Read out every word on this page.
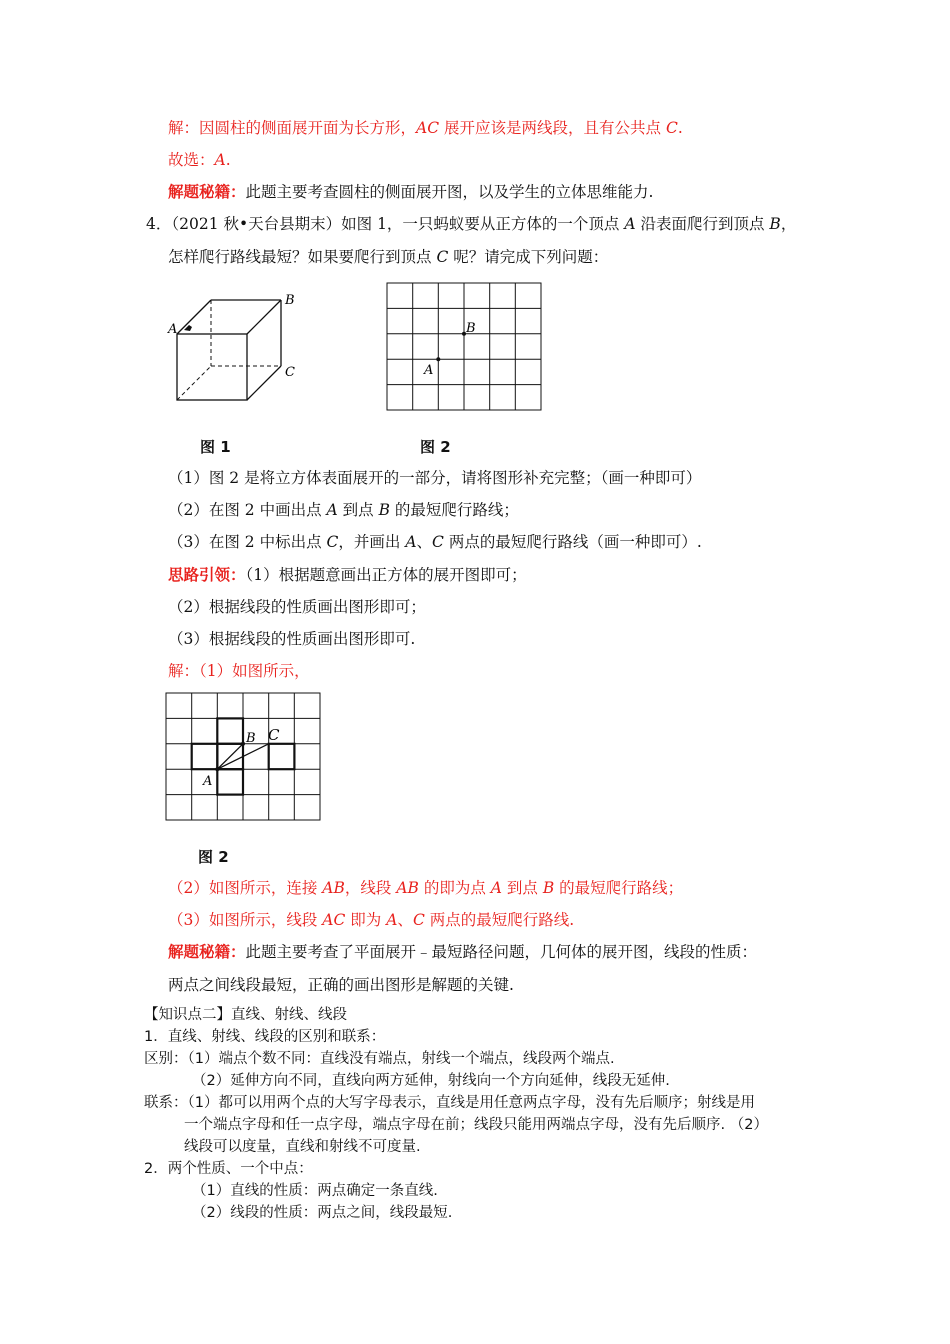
解：因圆柱的侧面展开面为长方形，AC 展开应该是两线段，且有公共点 C.
故选：A.
解题秘籍：此题主要考查圆柱的侧面展开图，以及学生的立体思维能力.
4．（2021 秋•天台县期末）如图 1，一只蚂蚁要从正方体的一个顶点 A 沿表面爬行到顶点 B，
怎样爬行路线最短？如果要爬行到顶点 C 呢？请完成下列问题：
A
B
C
图 1
B
A
图 2
（1）图 2 是将立方体表面展开的一部分，请将图形补充完整；（画一种即可）
（2）在图 2 中画出点 A 到点 B 的最短爬行路线；
（3）在图 2 中标出点 C，并画出 A、C 两点的最短爬行路线（画一种即可）.
思路引领：（1）根据题意画出正方体的展开图即可；
（2）根据线段的性质画出图形即可；
（3）根据线段的性质画出图形即可.
解：（1）如图所示，
B C
A
图 2
（2）如图所示，连接 AB，线段 AB 的即为点 A 到点 B 的最短爬行路线；
（3）如图所示，线段 AC 即为 A、C 两点的最短爬行路线.
解题秘籍：此题主要考查了平面展开﹣最短路径问题，几何体的展开图，线段的性质：
两点之间线段最短，正确的画出图形是解题的关键.
【知识点二】直线、射线、线段
1．直线、射线、线段的区别和联系：
区别：（1）端点个数不同：直线没有端点，射线一个端点，线段两个端点.
（2）延伸方向不同，直线向两方延伸，射线向一个方向延伸，线段无延伸.
联系：（1）都可以用两个点的大写字母表示，直线是用任意两点字母，没有先后顺序；射线是用
一个端点字母和任一点字母，端点字母在前；线段只能用两端点字母，没有先后顺序. （2）
线段可以度量，直线和射线不可度量.
2．两个性质、一个中点：
（1）直线的性质：两点确定一条直线.
（2）线段的性质：两点之间，线段最短.
